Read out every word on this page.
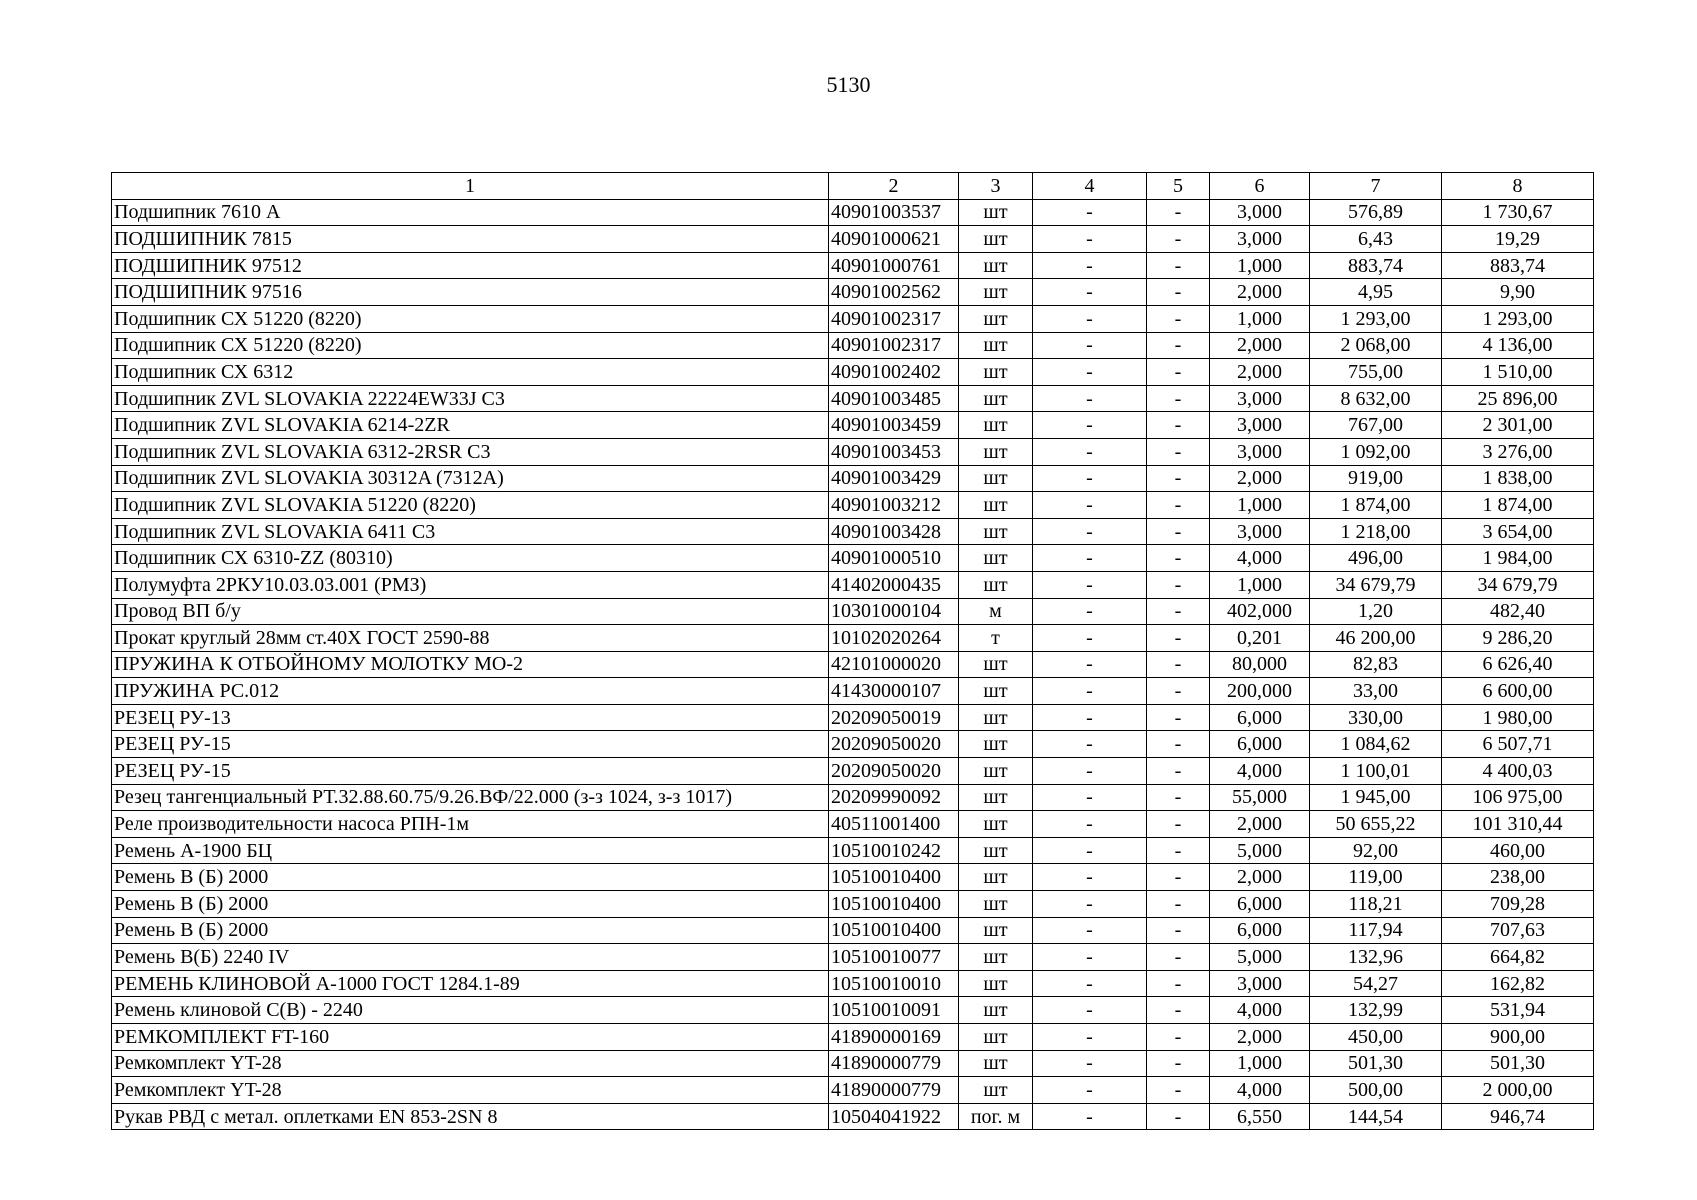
5130
1	2	3	4	5	6	7	8
Подшипник 7610 А	40901003537	шт	-	-	3,000	576,89	1 730,67
ПОДШИПНИК 7815	40901000621	шт	-	-	3,000	6,43	19,29
ПОДШИПНИК 97512	40901000761	шт	-	-	1,000	883,74	883,74
ПОДШИПНИК 97516	40901002562	шт	-	-	2,000	4,95	9,90
Подшипник СХ 51220 (8220)	40901002317	шт	-	-	1,000	1 293,00	1 293,00
Подшипник СХ 51220 (8220)	40901002317	шт	-	-	2,000	2 068,00	4 136,00
Подшипник СХ 6312	40901002402	шт	-	-	2,000	755,00	1 510,00
Подшипник ZVL SLOVAKIA 22224EW33J C3	40901003485	шт	-	-	3,000	8 632,00	25 896,00
Подшипник ZVL SLOVAKIA 6214-2ZR	40901003459	шт	-	-	3,000	767,00	2 301,00
Подшипник ZVL SLOVAKIA 6312-2RSR C3	40901003453	шт	-	-	3,000	1 092,00	3 276,00
Подшипник ZVL SLOVAKIA 30312A (7312A)	40901003429	шт	-	-	2,000	919,00	1 838,00
Подшипник ZVL SLOVAKIA 51220 (8220)	40901003212	шт	-	-	1,000	1 874,00	1 874,00
Подшипник ZVL SLOVAKIA 6411 C3	40901003428	шт	-	-	3,000	1 218,00	3 654,00
Подшипник СХ 6310-ZZ (80310)	40901000510	шт	-	-	4,000	496,00	1 984,00
Полумуфта 2РКУ10.03.03.001 (РМЗ)	41402000435	шт	-	-	1,000	34 679,79	34 679,79
Провод ВП б/у	10301000104	м	-	-	402,000	1,20	482,40
Прокат круглый 28мм ст.40Х ГОСТ 2590-88	10102020264	т	-	-	0,201	46 200,00	9 286,20
ПРУЖИНА К ОТБОЙНОМУ МОЛОТКУ МО-2	42101000020	шт	-	-	80,000	82,83	6 626,40
ПРУЖИНА РС.012	41430000107	шт	-	-	200,000	33,00	6 600,00
РЕЗЕЦ РУ-13	20209050019	шт	-	-	6,000	330,00	1 980,00
РЕЗЕЦ РУ-15	20209050020	шт	-	-	6,000	1 084,62	6 507,71
РЕЗЕЦ РУ-15	20209050020	шт	-	-	4,000	1 100,01	4 400,03
Резец тангенциальный РТ.32.88.60.75/9.26.ВФ/22.000 (з-з 1024, з-з 1017)	20209990092	шт	-	-	55,000	1 945,00	106 975,00
Реле производительности насоса РПН-1м	40511001400	шт	-	-	2,000	50 655,22	101 310,44
Ремень А-1900 БЦ	10510010242	шт	-	-	5,000	92,00	460,00
Ремень В (Б) 2000	10510010400	шт	-	-	2,000	119,00	238,00
Ремень В (Б) 2000	10510010400	шт	-	-	6,000	118,21	709,28
Ремень В (Б) 2000	10510010400	шт	-	-	6,000	117,94	707,63
Ремень В(Б) 2240 IV	10510010077	шт	-	-	5,000	132,96	664,82
РЕМЕНЬ КЛИНОВОЙ А-1000 ГОСТ 1284.1-89	10510010010	шт	-	-	3,000	54,27	162,82
Ремень клиновой С(В) - 2240	10510010091	шт	-	-	4,000	132,99	531,94
РЕМКОМПЛЕКТ FT-160	41890000169	шт	-	-	2,000	450,00	900,00
Ремкомплект YT-28	41890000779	шт	-	-	1,000	501,30	501,30
Ремкомплект YT-28	41890000779	шт	-	-	4,000	500,00	2 000,00
Рукав РВД с метал. оплетками EN 853-2SN 8	10504041922	пог. м	-	-	6,550	144,54	946,74
